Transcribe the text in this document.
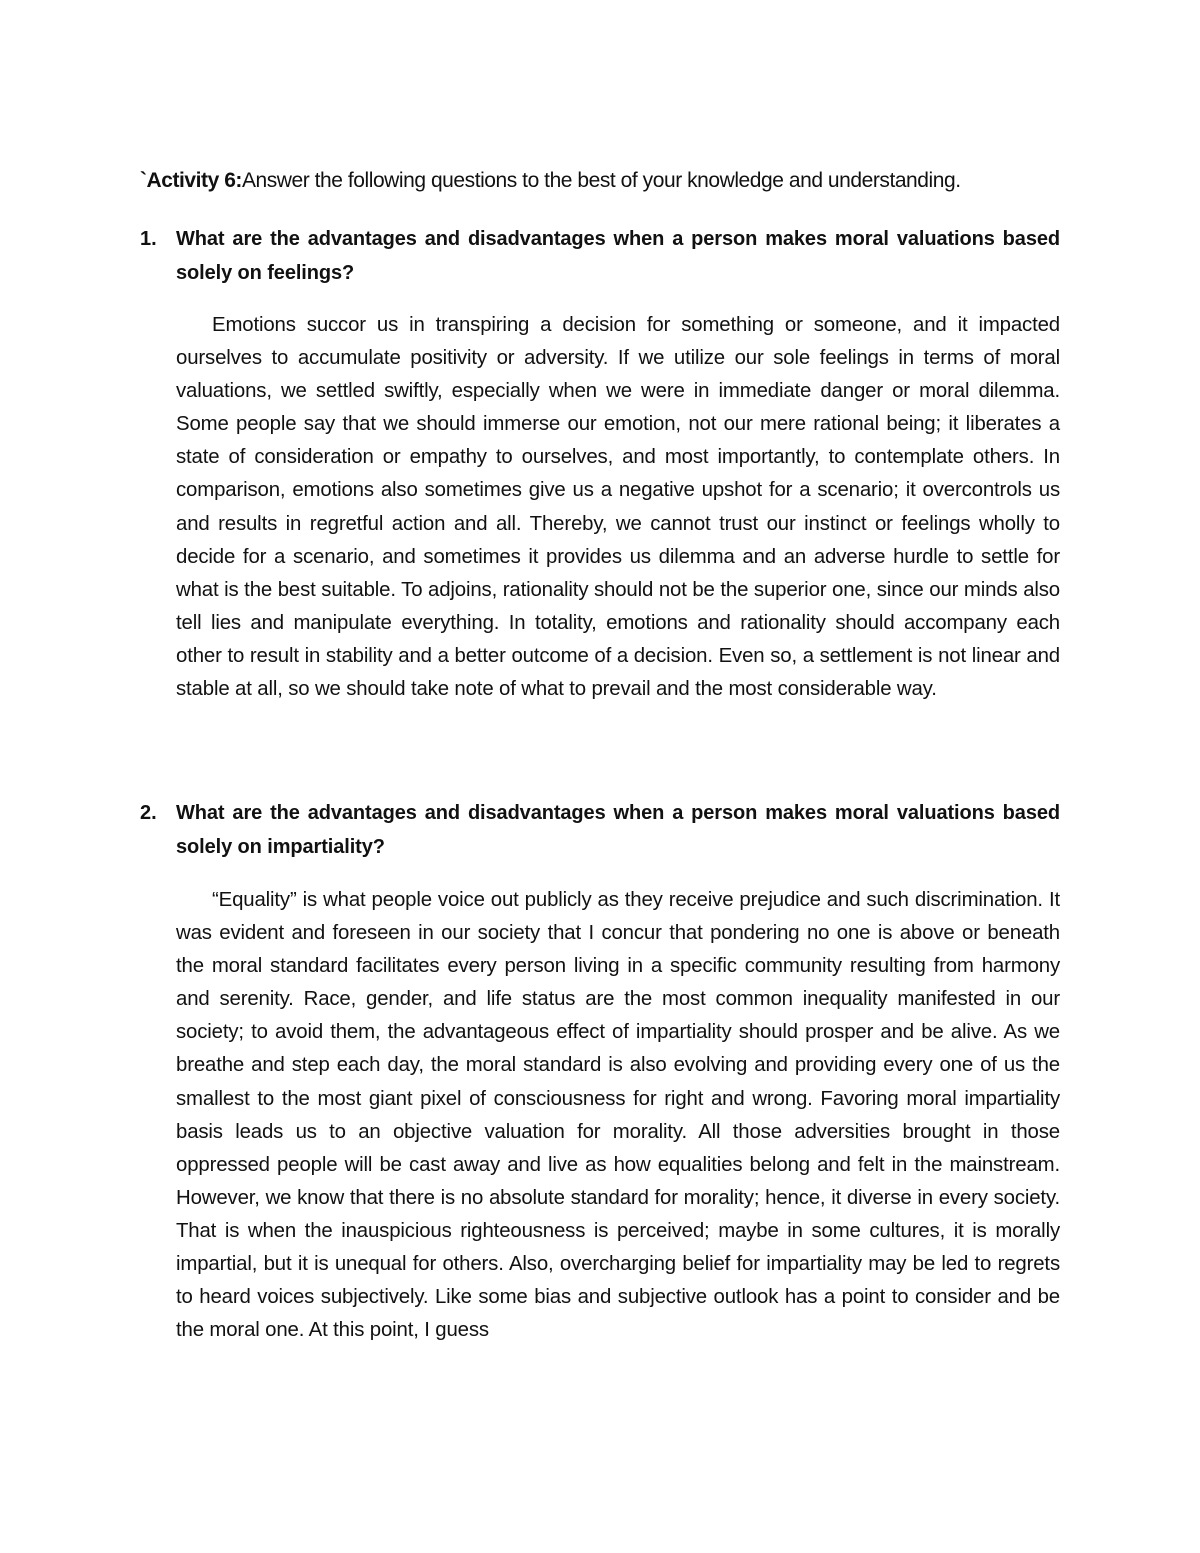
`Activity 6:Answer the following questions to the best of your knowledge and understanding.
1. What are the advantages and disadvantages when a person makes moral valuations based solely on feelings?

Emotions succor us in transpiring a decision for something or someone, and it impacted ourselves to accumulate positivity or adversity. If we utilize our sole feelings in terms of moral valuations, we settled swiftly, especially when we were in immediate danger or moral dilemma. Some people say that we should immerse our emotion, not our mere rational being; it liberates a state of consideration or empathy to ourselves, and most importantly, to contemplate others. In comparison, emotions also sometimes give us a negative upshot for a scenario; it overcontrols us and results in regretful action and all. Thereby, we cannot trust our instinct or feelings wholly to decide for a scenario, and sometimes it provides us dilemma and an adverse hurdle to settle for what is the best suitable. To adjoins, rationality should not be the superior one, since our minds also tell lies and manipulate everything. In totality, emotions and rationality should accompany each other to result in stability and a better outcome of a decision. Even so, a settlement is not linear and stable at all, so we should take note of what to prevail and the most considerable way.

2. What are the advantages and disadvantages when a person makes moral valuations based solely on impartiality?

“Equality” is what people voice out publicly as they receive prejudice and such discrimination. It was evident and foreseen in our society that I concur that pondering no one is above or beneath the moral standard facilitates every person living in a specific community resulting from harmony and serenity. Race, gender, and life status are the most common inequality manifested in our society; to avoid them, the advantageous effect of impartiality should prosper and be alive. As we breathe and step each day, the moral standard is also evolving and providing every one of us the smallest to the most giant pixel of consciousness for right and wrong. Favoring moral impartiality basis leads us to an objective valuation for morality. All those adversities brought in those oppressed people will be cast away and live as how equalities belong and felt in the mainstream. However, we know that there is no absolute standard for morality; hence, it diverse in every society. That is when the inauspicious righteousness is perceived; maybe in some cultures, it is morally impartial, but it is unequal for others. Also, overcharging belief for impartiality may be led to regrets to heard voices subjectively. Like some bias and subjective outlook has a point to consider and be the moral one. At this point, I guess
